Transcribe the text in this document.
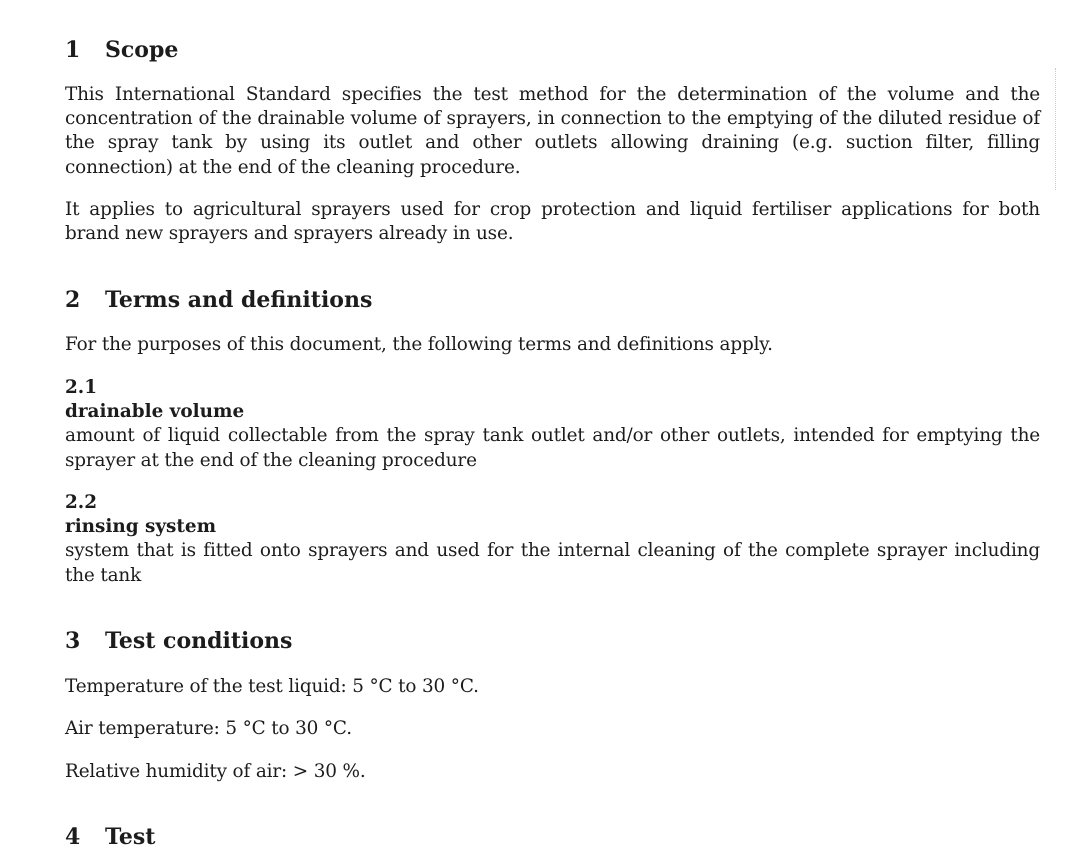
1 Scope

This International Standard specifies the test method for the determination of the volume and the concentration of the drainable volume of sprayers, in connection to the emptying of the diluted residue of the spray tank by using its outlet and other outlets allowing draining (e.g. suction filter, filling connection) at the end of the cleaning procedure.

It applies to agricultural sprayers used for crop protection and liquid fertiliser applications for both brand new sprayers and sprayers already in use.

2 Terms and definitions

For the purposes of this document, the following terms and definitions apply.

2.1
drainable volume

amount of liquid collectable from the spray tank outlet and/or other outlets, intended for emptying the sprayer at the end of the cleaning procedure

2.2
rinsing system

system that is fitted onto sprayers and used for the internal cleaning of the complete sprayer including the tank

3 Test conditions

Temperature of the test liquid: 5 °C to 30 °C.

Air temperature: 5 °C to 30 °C.

Relative humidity of air: > 30 %.

4 Test
